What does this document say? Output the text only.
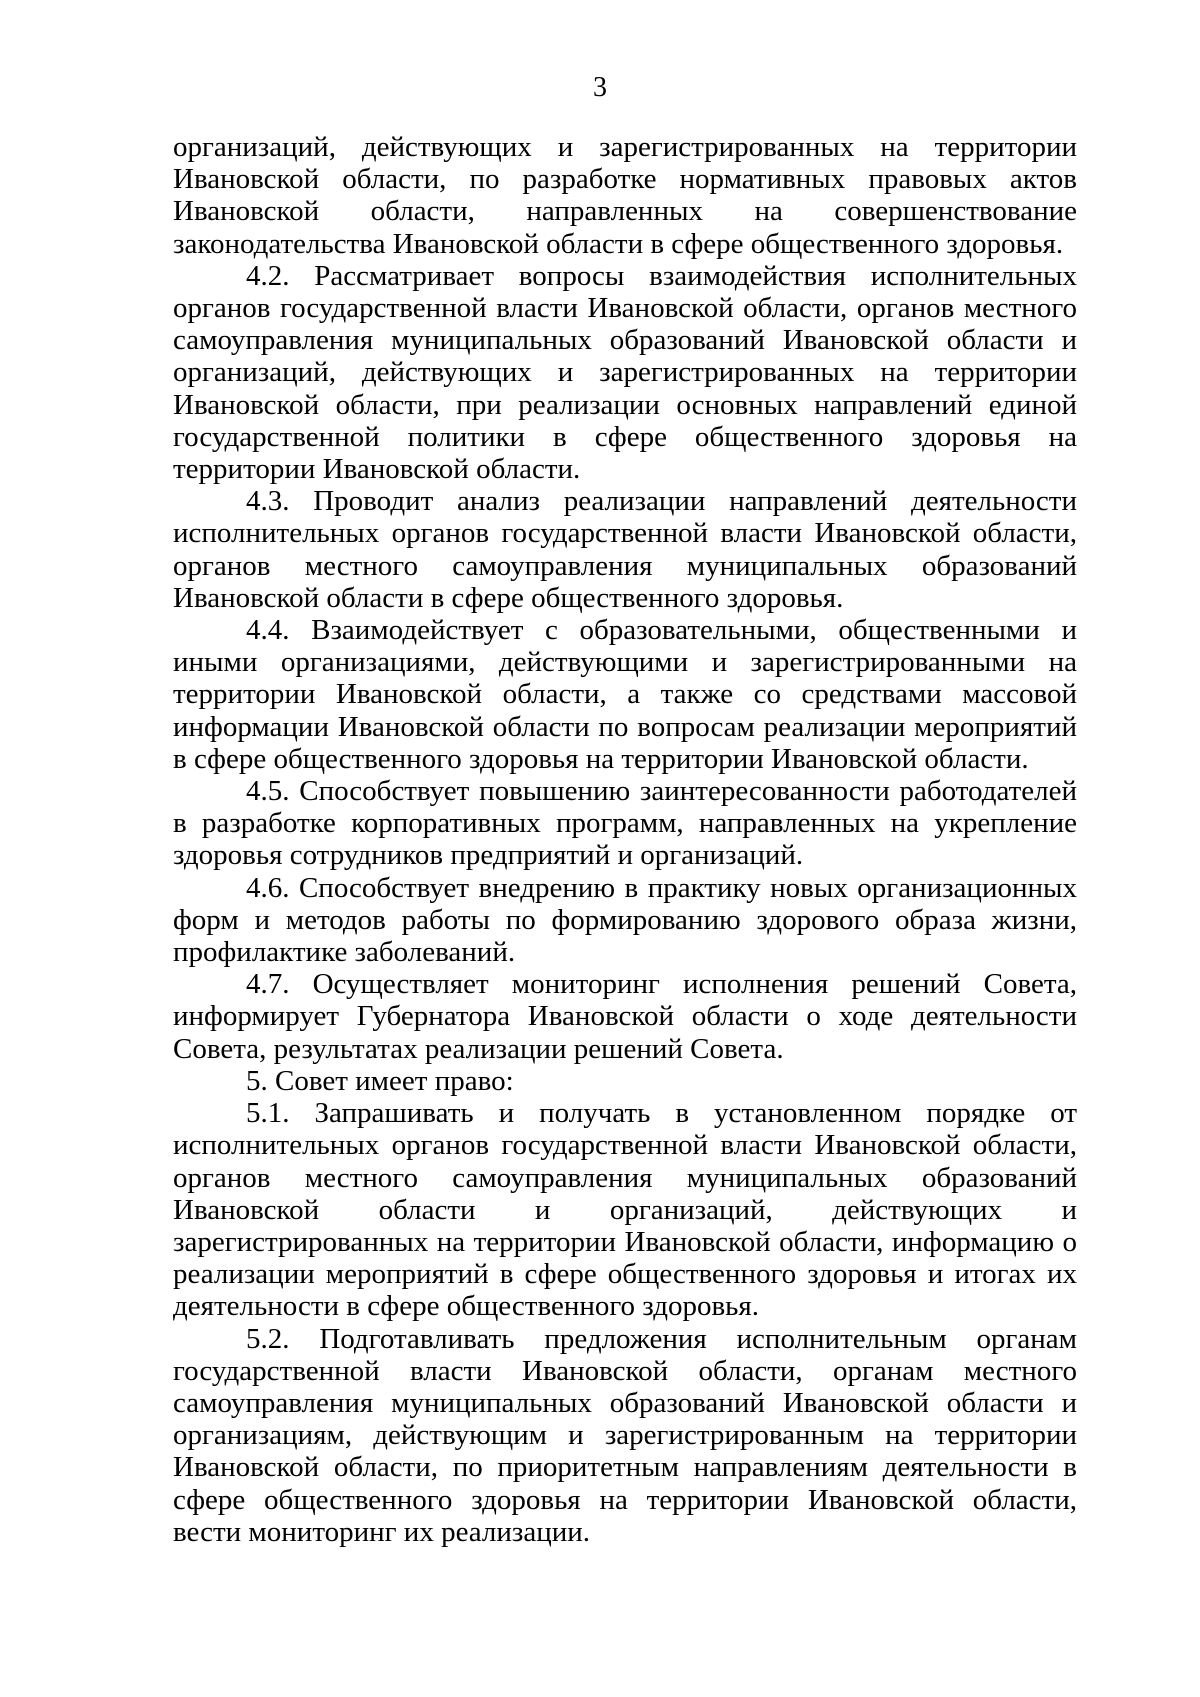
3

организаций, действующих и зарегистрированных на территории Ивановской области, по разработке нормативных правовых актов Ивановской области, направленных на совершенствование законодательства Ивановской области в сфере общественного здоровья.

4.2. Рассматривает вопросы взаимодействия исполнительных органов государственной власти Ивановской области, органов местного самоуправления муниципальных образований Ивановской области и организаций, действующих и зарегистрированных на территории Ивановской области, при реализации основных направлений единой государственной политики в сфере общественного здоровья на территории Ивановской области.

4.3. Проводит анализ реализации направлений деятельности исполнительных органов государственной власти Ивановской области, органов местного самоуправления муниципальных образований Ивановской области в сфере общественного здоровья.

4.4. Взаимодействует с образовательными, общественными и иными организациями, действующими и зарегистрированными на территории Ивановской области, а также со средствами массовой информации Ивановской области по вопросам реализации мероприятий в сфере общественного здоровья на территории Ивановской области.

4.5. Способствует повышению заинтересованности работодателей в разработке корпоративных программ, направленных на укрепление здоровья сотрудников предприятий и организаций.

4.6. Способствует внедрению в практику новых организационных форм и методов работы по формированию здорового образа жизни, профилактике заболеваний.

4.7. Осуществляет мониторинг исполнения решений Совета, информирует Губернатора Ивановской области о ходе деятельности Совета, результатах реализации решений Совета.

5. Совет имеет право:

5.1. Запрашивать и получать в установленном порядке от исполнительных органов государственной власти Ивановской области, органов местного самоуправления муниципальных образований Ивановской области и организаций, действующих и зарегистрированных на территории Ивановской области, информацию о реализации мероприятий в сфере общественного здоровья и итогах их деятельности в сфере общественного здоровья.

5.2. Подготавливать предложения исполнительным органам государственной власти Ивановской области, органам местного самоуправления муниципальных образований Ивановской области и организациям, действующим и зарегистрированным на территории Ивановской области, по приоритетным направлениям деятельности в сфере общественного здоровья на территории Ивановской области, вести мониторинг их реализации.
